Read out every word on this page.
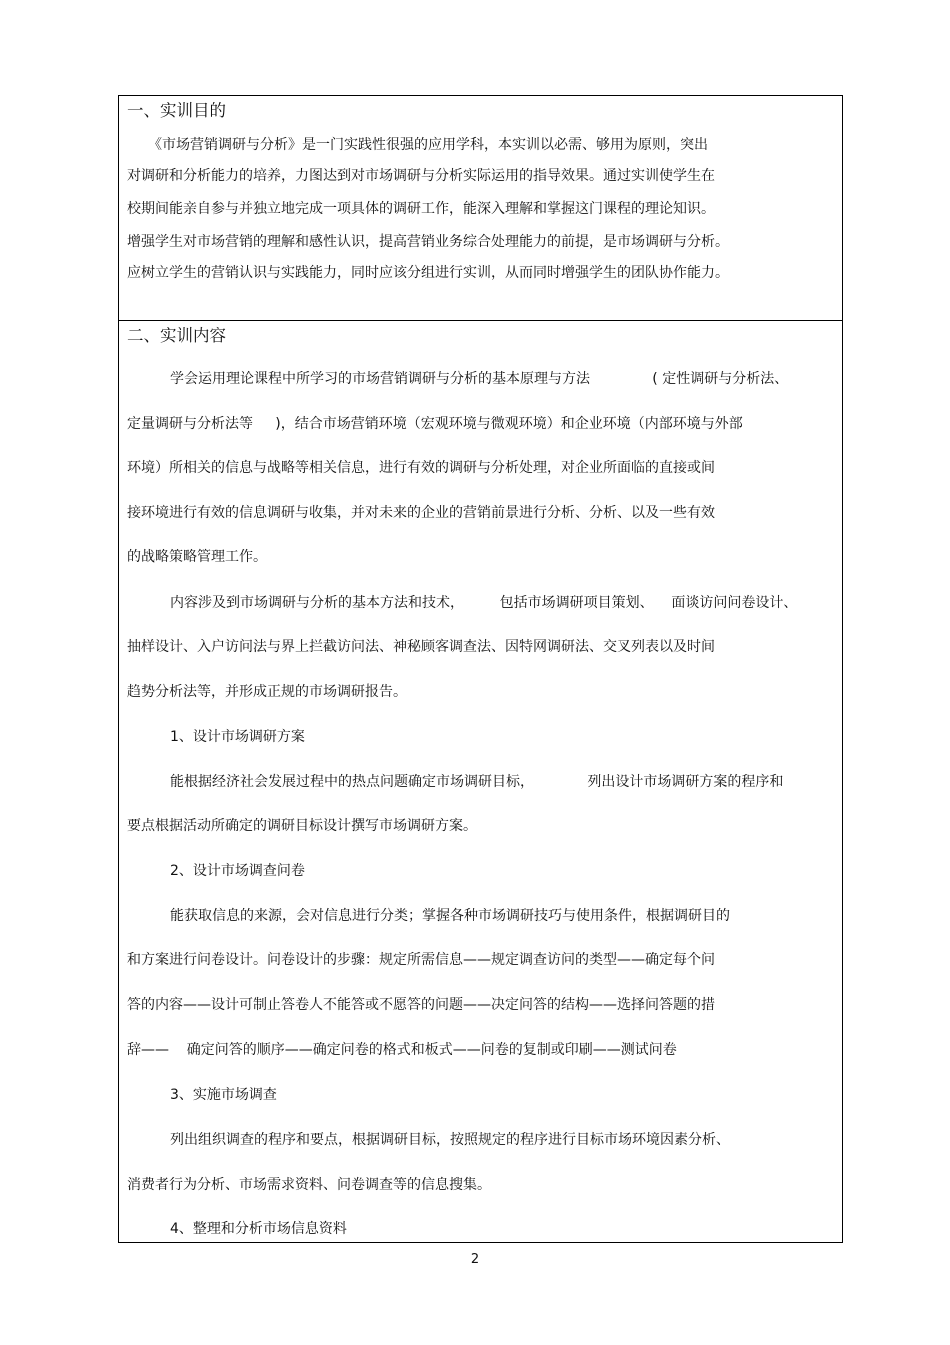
一、实训目的
《市场营销调研与分析》是一门实践性很强的应用学科，本实训以必需、够用为原则，突出
对调研和分析能力的培养，力图达到对市场调研与分析实际运用的指导效果。通过实训使学生在
校期间能亲自参与并独立地完成一项具体的调研工作，能深入理解和掌握这门课程的理论知识。
增强学生对市场营销的理解和感性认识，提高营销业务综合处理能力的前提，是市场调研与分析。
应树立学生的营销认识与实践能力，同时应该分组进行实训，从而同时增强学生的团队协作能力。
二、实训内容
学会运用理论课程中所学习的市场营销调研与分析的基本原理与方法              ( 定性调研与分析法、
定量调研与分析法等     )，结合市场营销环境（宏观环境与微观环境）和企业环境（内部环境与外部
环境）所相关的信息与战略等相关信息，进行有效的调研与分析处理，对企业所面临的直接或间
接环境进行有效的信息调研与收集，并对未来的企业的营销前景进行分析、分析、以及一些有效
的战略策略管理工作。
内容涉及到市场调研与分析的基本方法和技术，        包括市场调研项目策划、    面谈访问问卷设计、
抽样设计、入户访问法与界上拦截访问法、神秘顾客调查法、因特网调研法、交叉列表以及时间
趋势分析法等，并形成正规的市场调研报告。
1、设计市场调研方案
能根据经济社会发展过程中的热点问题确定市场调研目标，            列出设计市场调研方案的程序和
要点根据活动所确定的调研目标设计撰写市场调研方案。
2、设计市场调查问卷
能获取信息的来源，会对信息进行分类；掌握各种市场调研技巧与使用条件，根据调研目的
和方案进行问卷设计。问卷设计的步骤：规定所需信息——规定调查访问的类型——确定每个问
答的内容——设计可制止答卷人不能答或不愿答的问题——决定问答的结构——选择问答题的措
辞——    确定问答的顺序——确定问卷的格式和板式——问卷的复制或印刷——测试问卷
3、实施市场调查
列出组织调查的程序和要点，根据调研目标，按照规定的程序进行目标市场环境因素分析、
消费者行为分析、市场需求资料、问卷调查等的信息搜集。
4、整理和分析市场信息资料
2
